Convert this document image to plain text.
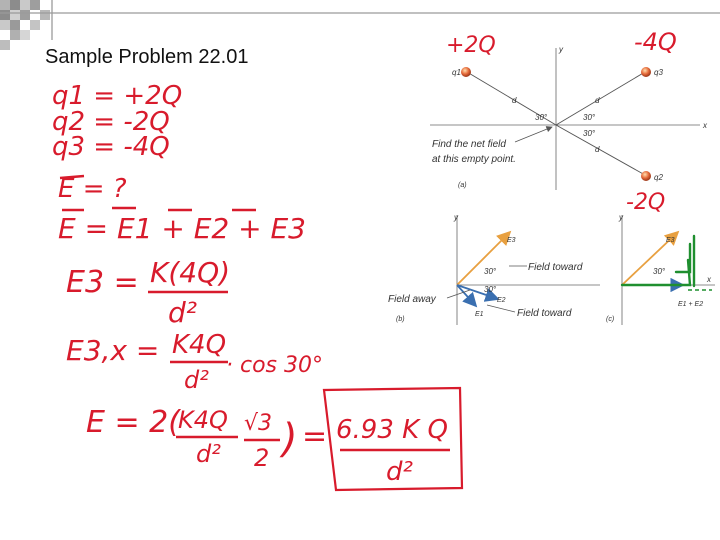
Sample Problem 22.01	y
x
q1	q3
q2
d	d
d
30°	30°
30°
Find the net field
at this empty point.
(a)
y
E3
E2
E1
30°
30°
Field toward
Field away
Field toward
(b)
y
x
E3
30°
E1 + E2
(c)
q1 = +2Q
q2 = -2Q
q3 = -4Q
E = ?
E = E1 + E2 + E3
E3 = K(4Q)
d²
E3,x = K4Q
d²
· cos 30°
E = 2(
K4Q
d²
√3
2 ) = 6.93 K Q
d²
+2Q	-4Q
-2Q
